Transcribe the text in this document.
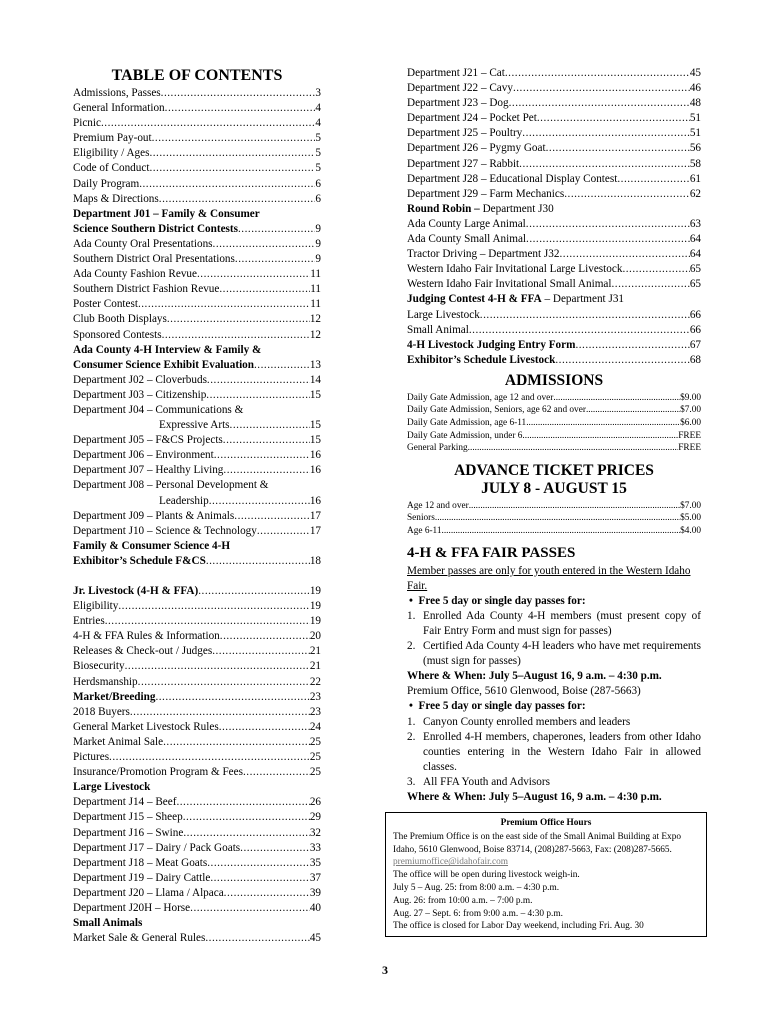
TABLE OF CONTENTS
Admissions, Passes .....	3
General Information .....	4
Picnic .....	4
Premium Pay-out .....	5
Eligibility / Ages .....	5
Code of Conduct .....	5
Daily Program .....	6
Maps & Directions .....	6
Department J01 – Family & Consumer
Science Southern District Contests .....	9
Ada County Oral Presentations .....	9
Southern District Oral Presentations .....	9
Ada County Fashion Revue .....	11
Southern District Fashion Revue .....	11
Poster Contest .....	11
Club Booth Displays .....	12
Sponsored Contests .....	12
Ada County 4-H Interview & Family &
Consumer Science Exhibit Evaluation .....	13
Department J02 – Cloverbuds .....	14
Department J03 – Citizenship .....	15
Department J04 – Communications &
Expressive Arts .....	15
Department J05 – F&CS Projects .....	15
Department J06 – Environment .....	16
Department J07 – Healthy Living .....	16
Department J08 – Personal Development &
Leadership .....	16
Department J09 – Plants & Animals .....	17
Department J10 – Science & Technology .....	17
Family & Consumer Science 4-H
Exhibitor’s Schedule F&CS .....	18
Jr. Livestock (4-H & FFA) .....	19
Eligibility .....	19
Entries .....	19
4-H & FFA Rules & Information .....	20
Releases & Check-out / Judges .....	21
Biosecurity .....	21
Herdsmanship .....	22
Market/Breeding .....	23
2018 Buyers .....	23
General Market Livestock Rules .....	24
Market Animal Sale .....	25
Pictures .....	25
Insurance/Promotion Program & Fees .....	25
Large Livestock
Department J14 – Beef .....	26
Department J15 – Sheep .....	29
Department J16 – Swine .....	32
Department J17 – Dairy / Pack Goats .....	33
Department J18 – Meat Goats .....	35
Department J19 – Dairy Cattle .....	37
Department J20 – Llama / Alpaca .....	39
Department J20H – Horse .....	40
Small Animals
Market Sale & General Rules .....	45
Department J21 – Cat .....	45
Department J22 – Cavy .....	46
Department J23 – Dog .....	48
Department J24 – Pocket Pet .....	51
Department J25 – Poultry .....	51
Department J26 – Pygmy Goat .....	56
Department J27 – Rabbit .....	58
Department J28 – Educational Display Contest .....	61
Department J29 – Farm Mechanics .....	62
Round Robin – Department J30
Ada County Large Animal .....	63
Ada County Small Animal .....	64
Tractor Driving – Department J32 .....	64
Western Idaho Fair Invitational Large Livestock .....	65
Western Idaho Fair Invitational Small Animal .....	65
Judging Contest 4-H & FFA – Department J31
Large Livestock .....	66
Small Animal .....	66
4-H Livestock Judging Entry Form .....	67
Exhibitor’s Schedule Livestock .....	68
ADMISSIONS
Daily Gate Admission, age 12 and over .....	$9.00
Daily Gate Admission, Seniors, age 62 and over .....	$7.00
Daily Gate Admission, age 6-11 .....	$6.00
Daily Gate Admission, under 6 .....	FREE
General Parking .....	FREE
ADVANCE TICKET PRICES
JULY 8 - AUGUST 15
Age 12 and over .....	$7.00
Seniors .....	$5.00
Age 6-11 .....	$4.00
4-H & FFA FAIR PASSES
Member passes are only for youth entered in the Western Idaho Fair.
•  Free 5 day or single day passes for:
1. Enrolled Ada County 4-H members (must present copy of Fair Entry Form and must sign for passes)
2. Certified Ada County 4-H leaders who have met requirements (must sign for passes)
Where & When: July 5–August 16, 9 a.m. – 4:30 p.m.
Premium Office, 5610 Glenwood, Boise (287-5663)
•  Free 5 day or single day passes for:
1. Canyon County enrolled members and leaders
2. Enrolled 4-H members, chaperones, leaders from other Idaho counties entering in the Western Idaho Fair in allowed classes.
3. All FFA Youth and Advisors
Where & When: July 5–August 16, 9 a.m. – 4:30 p.m.
Premium Office Hours
The Premium Office is on the east side of the Small Animal Building at Expo Idaho, 5610 Glenwood, Boise 83714, (208)287-5663, Fax: (208)287-5665. premiumoffice@idahofair.com
The office will be open during livestock weigh-in.
July 5 – Aug. 25: from 8:00 a.m. – 4:30 p.m.
Aug. 26: from 10:00 a.m. – 7:00 p.m.
Aug. 27 – Sept. 6: from 9:00 a.m. – 4:30 p.m.
The office is closed for Labor Day weekend, including Fri. Aug. 30
3
